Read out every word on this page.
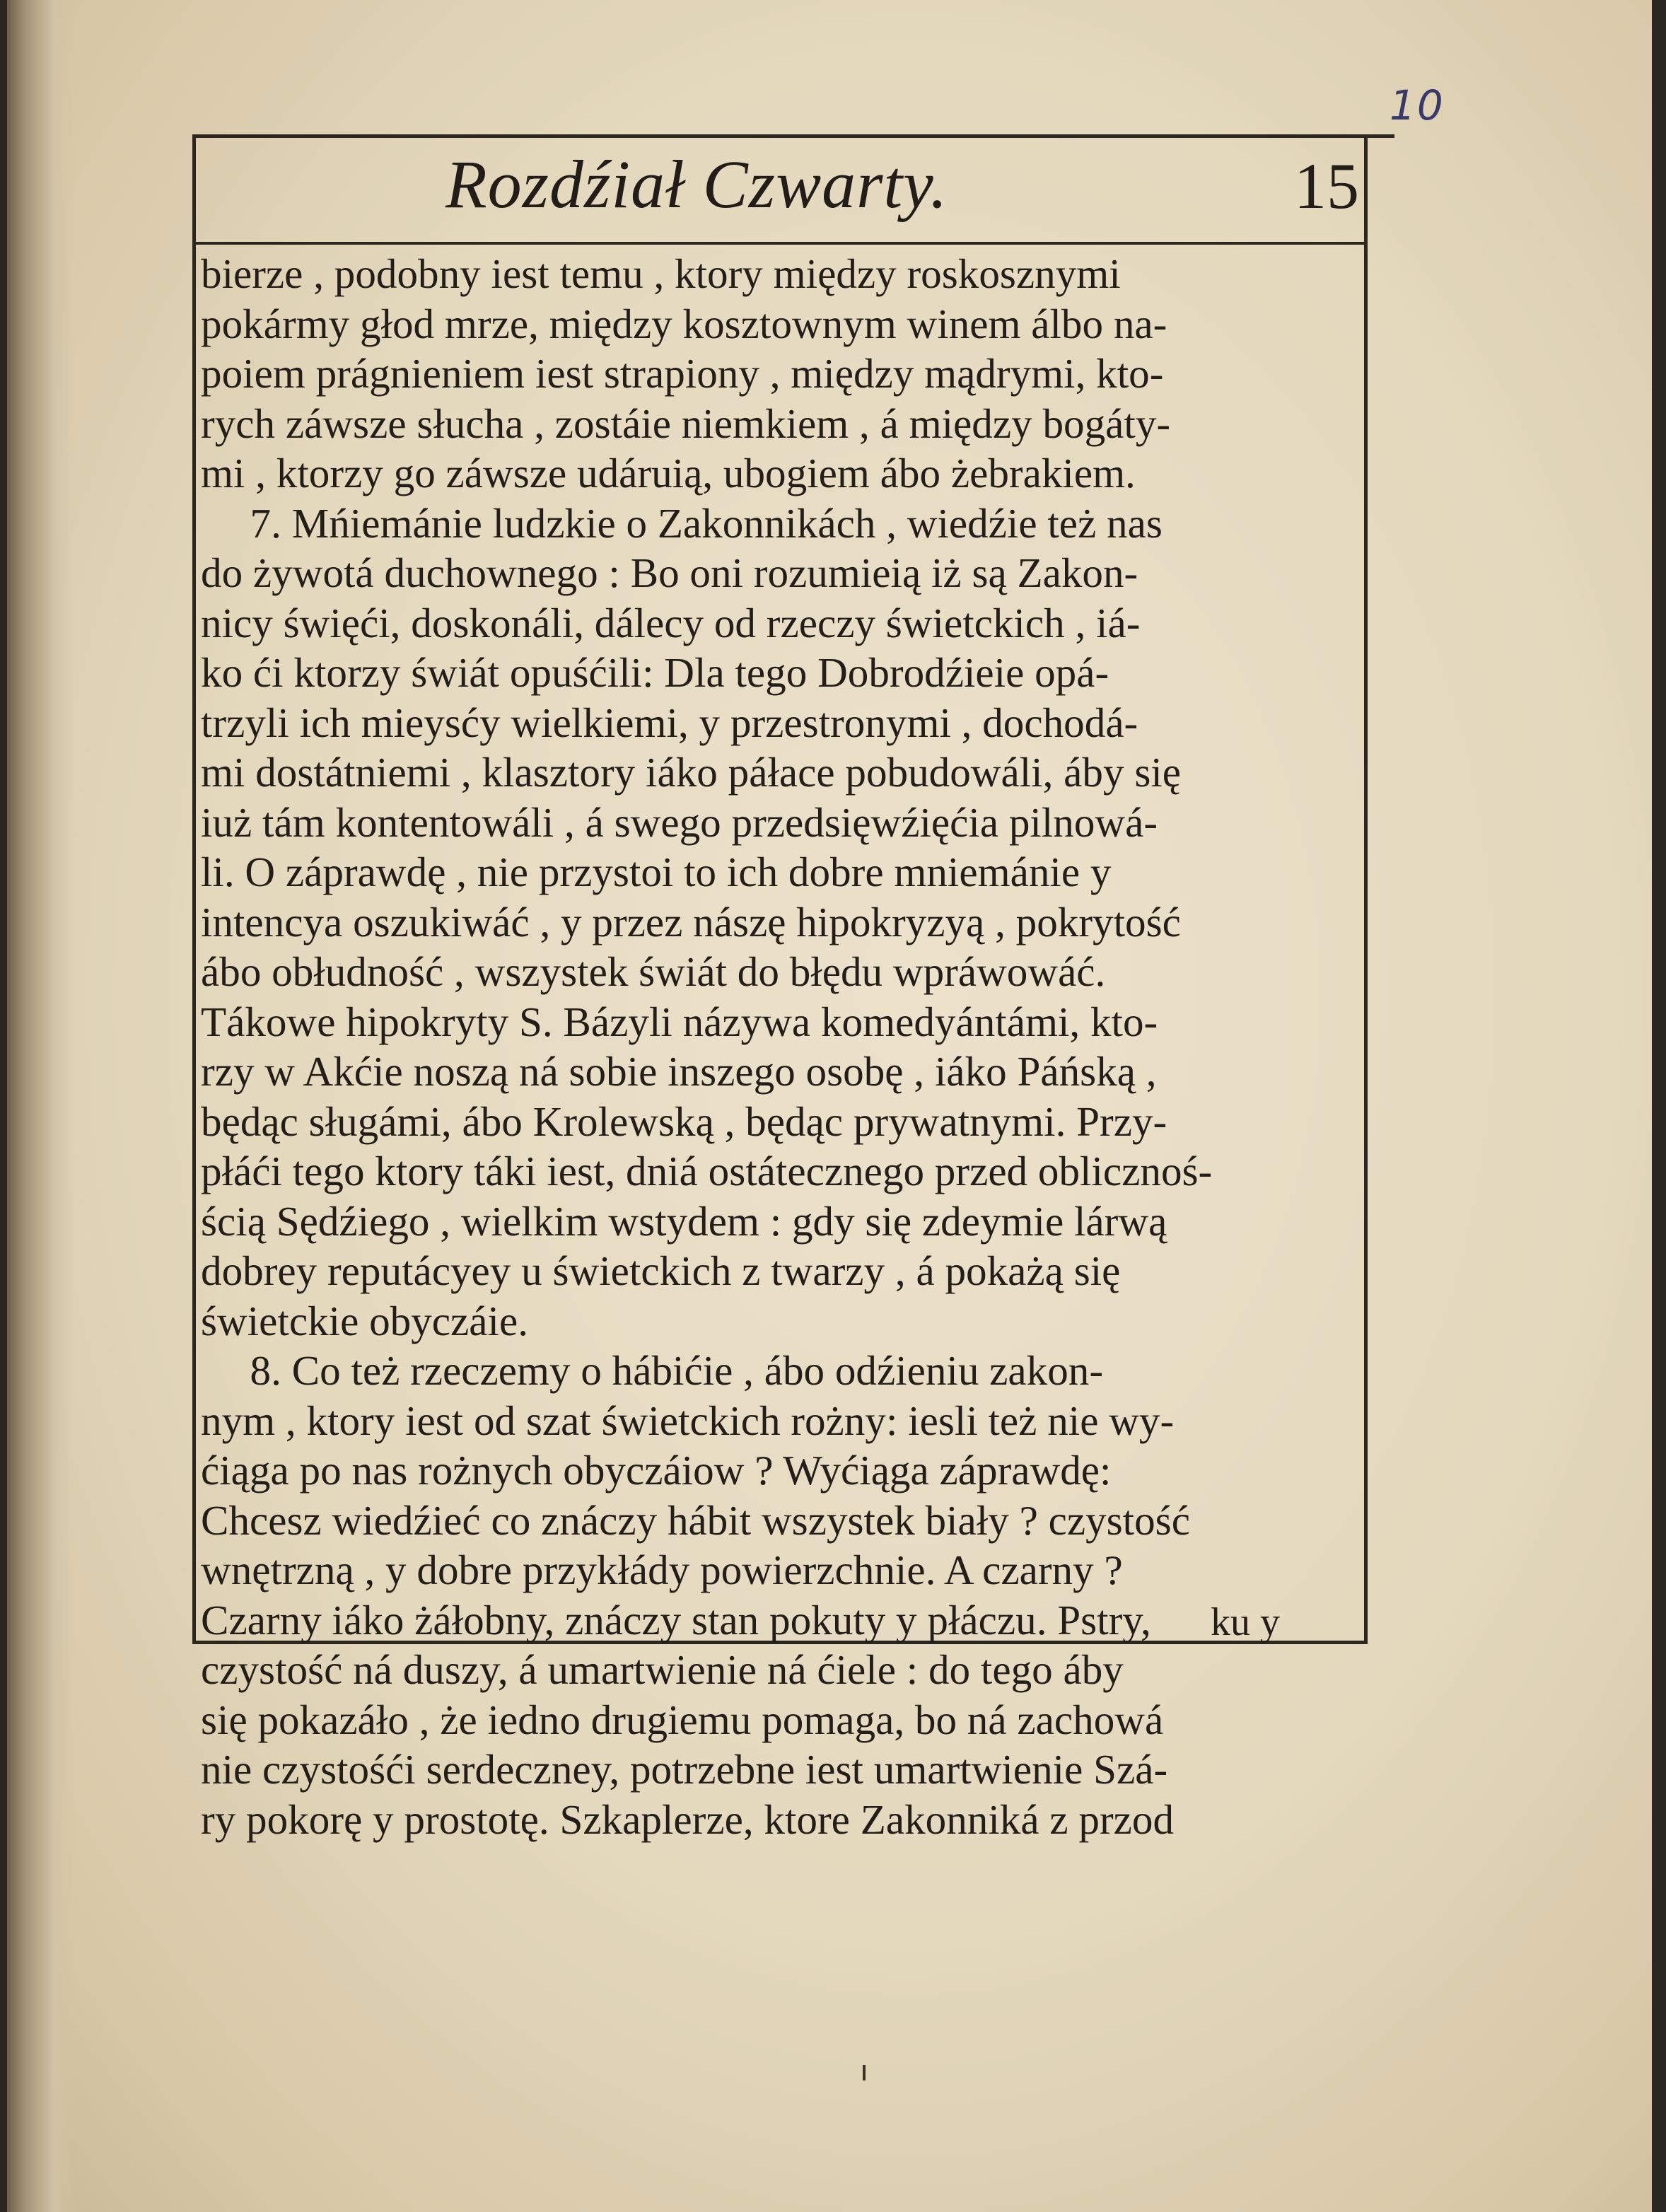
10
Rozdźiał Czwarty.	15
bierze , podobny iest temu , ktory między roskosznymi
pokármy głod mrze, między kosztownym winem álbo na-
poiem prágnieniem iest strapiony , między mądrymi, kto-
rych záwsze słucha , zostáie niemkiem , á między bogáty-
mi , ktorzy go záwsze udáruią, ubogiem ábo żebrakiem.
7. Mńiemánie ludzkie o Zakonnikách , wiedźie też nas
do żywotá duchownego : Bo oni rozumieią iż są Zakon-
nicy święći, doskonáli, dálecy od rzeczy świetckich , iá-
ko ći ktorzy świát opuśćili: Dla tego Dobrodźieie opá-
trzyli ich mieysćy wielkiemi, y przestronymi , dochodá-
mi dostátniemi , klasztory iáko páłace pobudowáli, áby się
iuż tám kontentowáli , á swego przedsięwźięćia pilnowá-
li. O záprawdę , nie przystoi to ich dobre mniemánie y
intencya oszukiwáć , y przez nászę hipokryzyą , pokrytość
ábo obłudność , wszystek świát do błędu wpráwowáć.
Tákowe hipokryty S. Bázyli názywa komedyántámi, kto-
rzy w Akćie noszą ná sobie inszego osobę , iáko Páńską ,
będąc sługámi, ábo Krolewską , będąc prywatnymi. Przy-
płáći tego ktory táki iest, dniá ostátecznego przed oblicznoś-
ścią Sędźiego , wielkim wstydem : gdy się zdeymie lárwą
dobrey reputácyey u świetckich z twarzy , á pokażą się
świetckie obyczáie.
8. Co też rzeczemy o hábićie , ábo odźieniu zakon-
nym , ktory iest od szat świetckich rożny: iesli też nie wy-
ćiąga po nas rożnych obyczáiow ? Wyćiąga záprawdę:
Chcesz wiedźieć co znáczy hábit wszystek biały ? czystość
wnętrzną , y dobre przykłády powierzchnie. A czarny ?
Czarny iáko żáłobny, znáczy stan pokuty y płáczu. Pstry,
czystość ná duszy, á umartwienie ná ćiele : do tego áby
się pokazáło , że iedno drugiemu pomaga, bo ná zachowá
nie czystośći serdeczney, potrzebne iest umartwienie Szá-
ry pokorę y prostotę. Szkaplerze, ktore Zakonniká z przod
ku y
